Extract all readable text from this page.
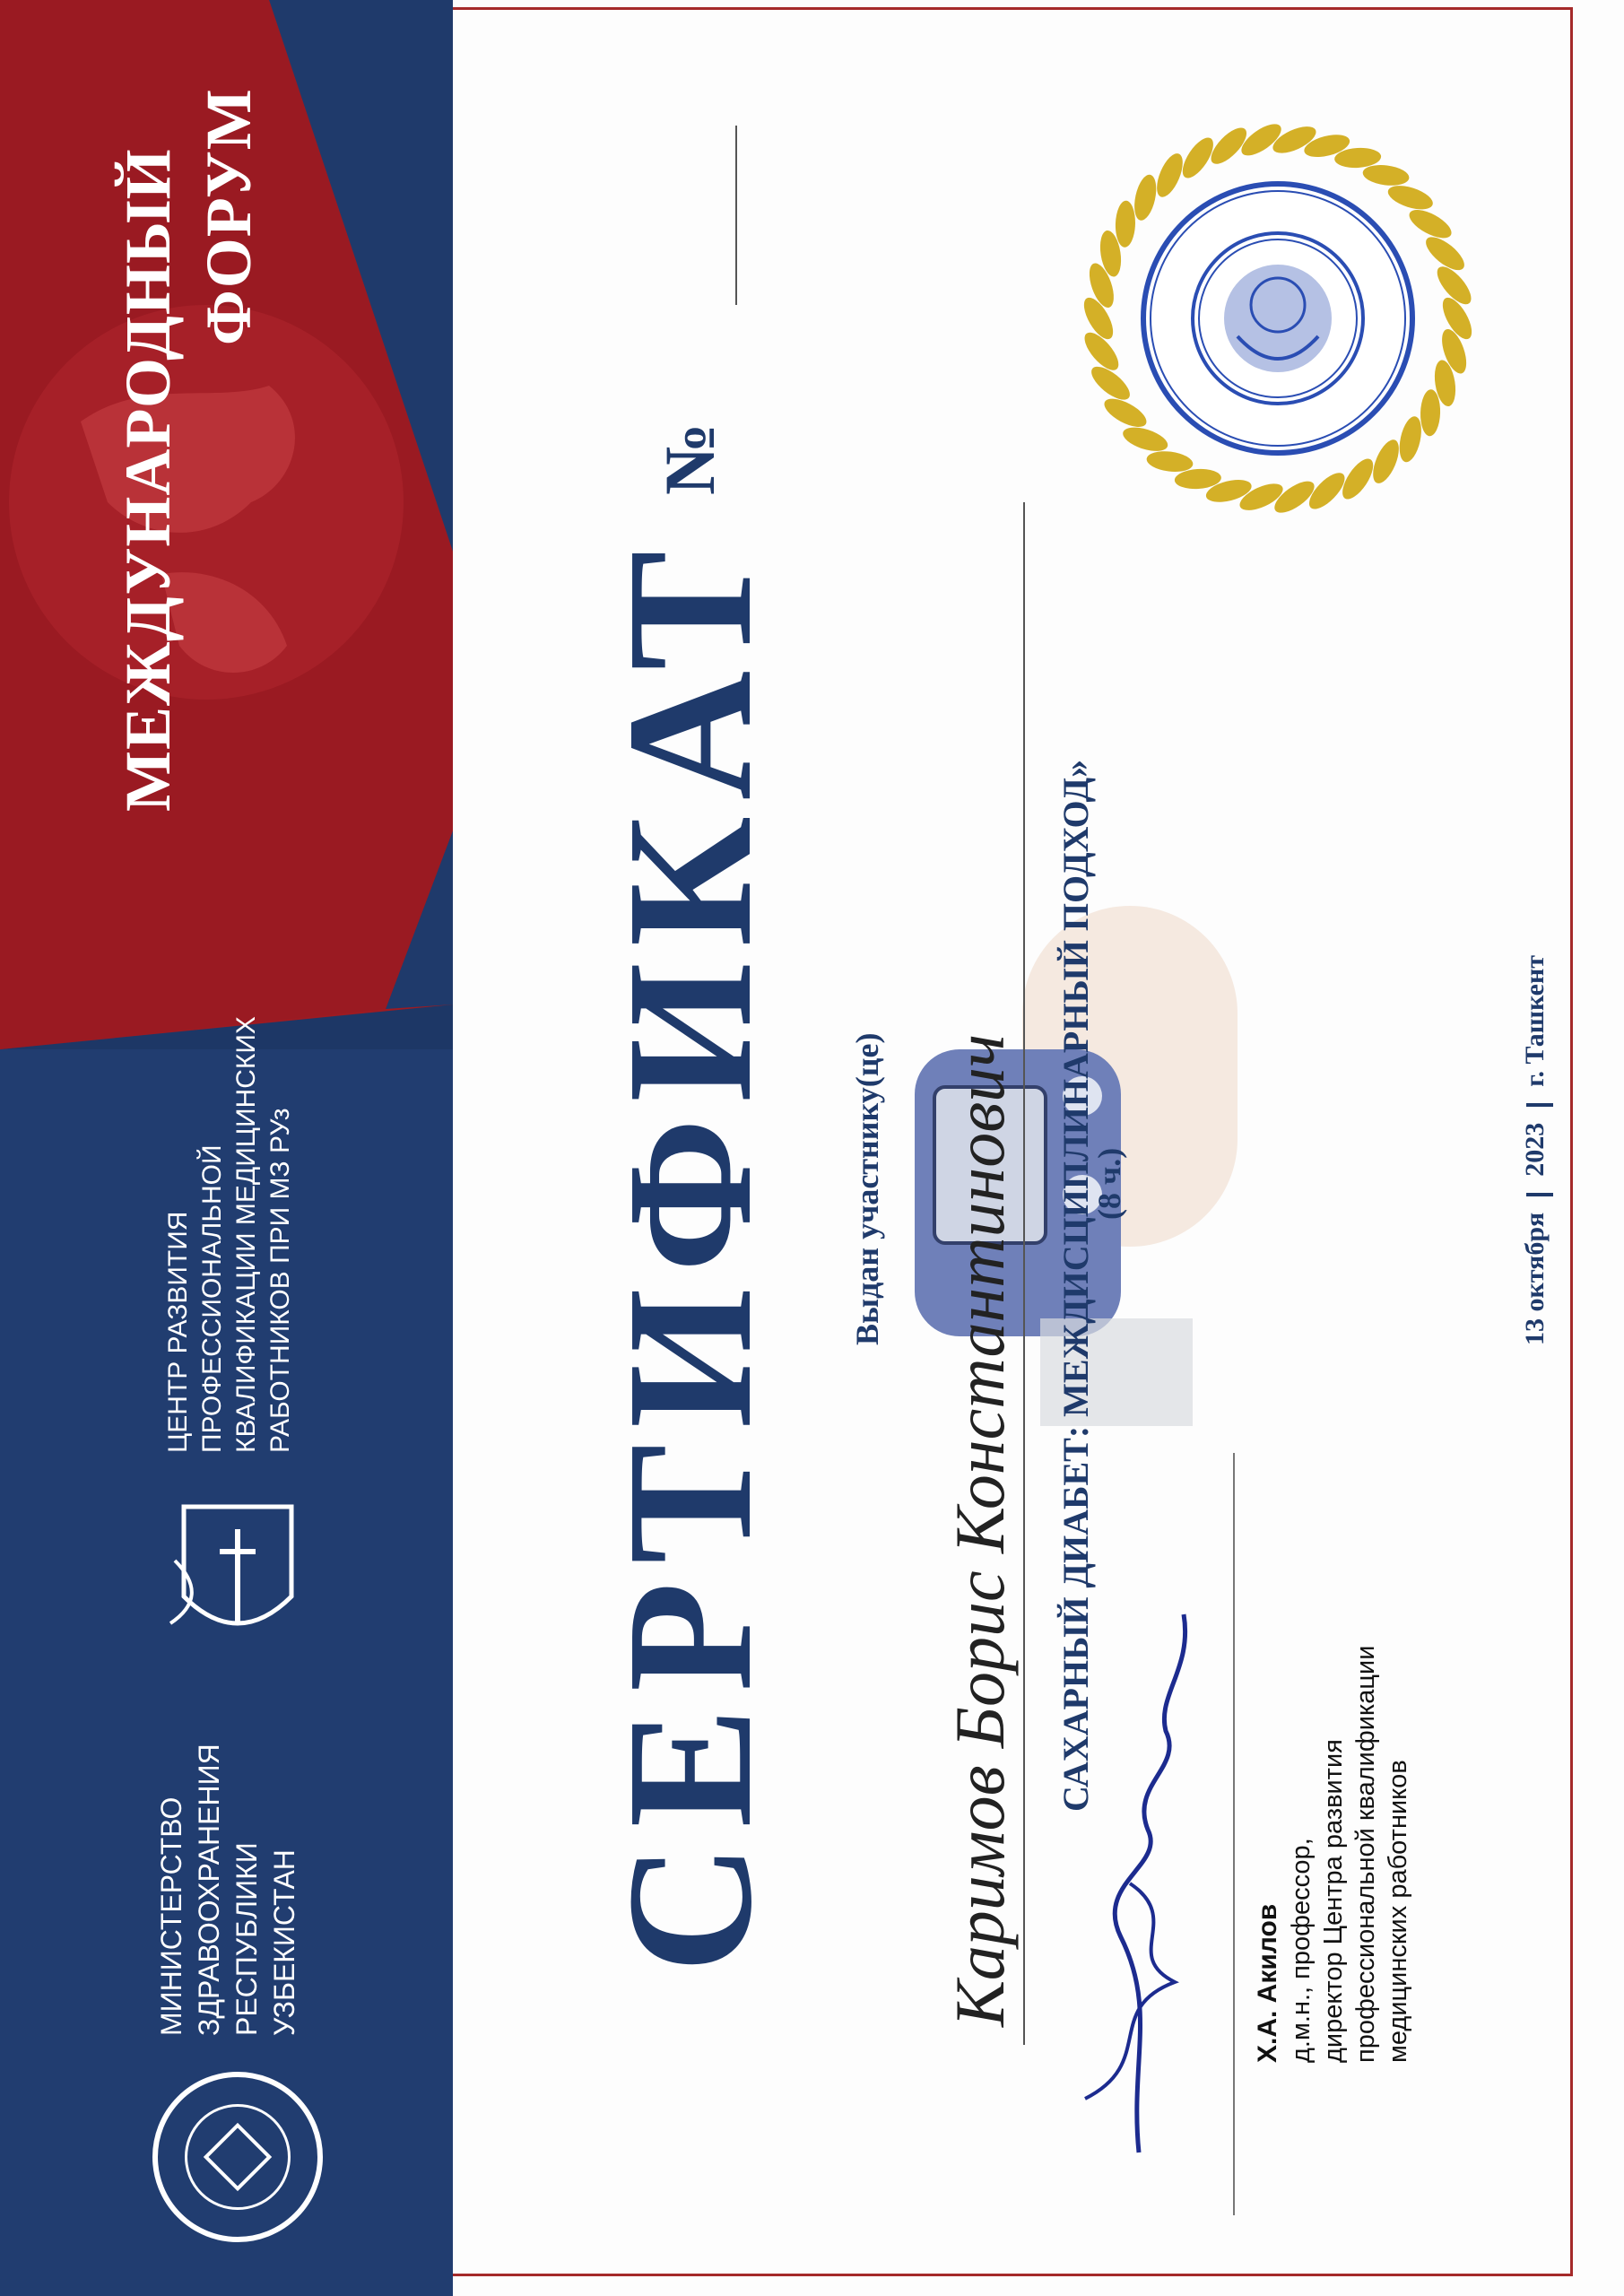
МЕЖДУНАРОДНЫЙ ФОРУМ
МИНИСТЕРСТВО ЗДРАВООХРАНЕНИЯ РЕСПУБЛИКИ УЗБЕКИСТАН
ЦЕНТР РАЗВИТИЯ ПРОФЕССИОНАЛЬНОЙ КВАЛИФИКАЦИИ МЕДИЦИНСКИХ РАБОТНИКОВ ПРИ МЗ РУз СЕРТИФИКАТ №
Выдан участнику(це) Каримов Борис Константинович САХАРНЫЙ ДИАБЕТ: МЕЖДИСЦИПЛИНАРНЫЙ ПОДХОД»
(8 ч.)
Х.А. Акилов д.м.н., профессор, директор Центра развития профессиональной квалификации медицинских работников
13 октября  2023  г. Ташкент
